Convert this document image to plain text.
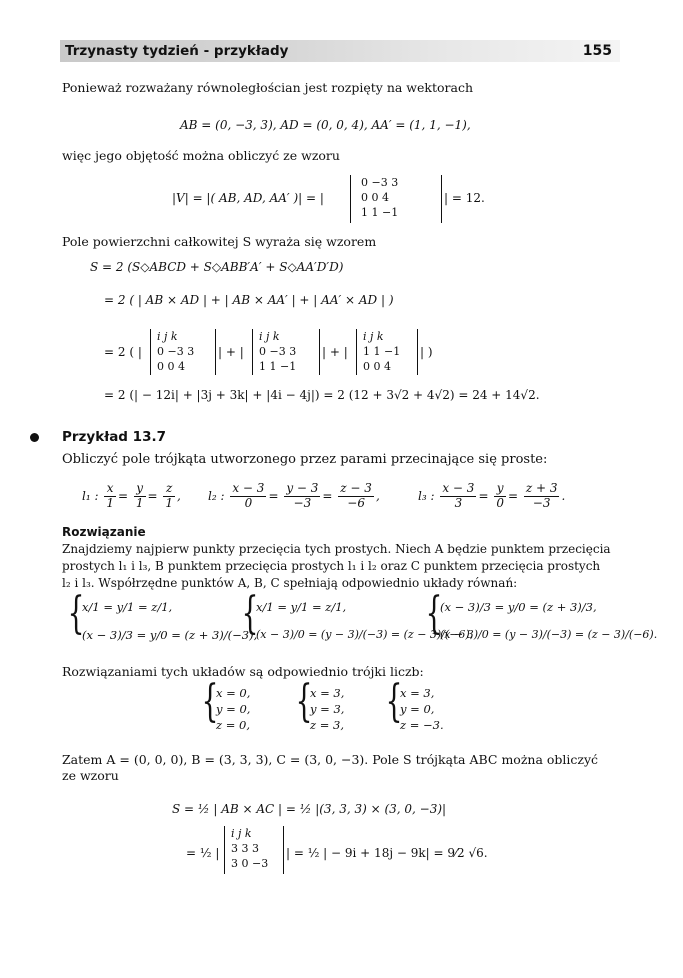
Trzynasty tydzień - przykłady	155
Ponieważ rozważany równoległościan jest rozpięty na wektorach
AB = (0, −3, 3), AD = (0, 0, 4), AA′ = (1, 1, −1),
więc jego objętość można obliczyć ze wzoru
|V| = |( AB, AD, AA′ )| = |
0 −3 3
0 0 4
1 1 −1
| = 12.
Pole powierzchni całkowitej S wyraża się wzorem
S = 2 (S◇ABCD + S◇ABB′A′ + S◇AA′D′D)
= 2 ( | AB × AD | + | AB × AA′ | + | AA′ × AD | )
= 2 ( |
i j k
0 −3 3
0 0 4
| + |
i j k
0 −3 3
1 1 −1
| + |
i j k
1 1 −1
0 0 4
| )
= 2 (| − 12i| + |3j + 3k| + |4i − 4j|) = 2 (12 + 3√2 + 4√2) = 24 + 14√2.
Przykład 13.7
Obliczyć pole trójkąta utworzonego przez parami przecinające się proste:
l₁ : $\frac{x}{1} = \frac{y}{1} = \frac{z}{1}$ , l₂ : $\frac{x - 3}{0} = \frac{y - 3}{-3} = \frac{z - 3}{-6}$ ,	l₃ : $\frac{x - 3}{3} = \frac{y}{0} = \frac{z + 3}{-3}$ .
Rozwiązanie
Znajdziemy najpierw punkty przecięcia tych prostych. Niech A będzie punktem przecięcia
prostych l₁ i l₃, B punktem przecięcia prostych l₁ i l₂ oraz C punktem przecięcia prostych
l₂ i l₃. Współrzędne punktów A, B, C spełniają odpowiednio układy równań:
{
x/1 = y/1 = z/1,
(x − 3)/3 = y/0 = (z + 3)/(−3),
{
x/1 = y/1 = z/1,
(x − 3)/0 = (y − 3)/(−3) = (z − 3)/(−6),
{
(x − 3)/3 = y/0 = (z + 3)/3,
(x − 3)/0 = (y − 3)/(−3) = (z − 3)/(−6).
Rozwiązaniami tych układów są odpowiednio trójki liczb:
{
x = 0,
y = 0,
z = 0, {
x = 3,
y = 3,
z = 3, {
x = 3,
y = 0,
z = −3.
Zatem A = (0, 0, 0), B = (3, 3, 3), C = (3, 0, −3). Pole S trójkąta ABC można obliczyć
ze wzoru
S = ½ | AB × AC | = ½ |(3, 3, 3) × (3, 0, −3)|
= ½ |
i j k
3 3 3
3 0 −3
| = ½ | − 9i + 18j − 9k| = 9⁄2 √6.
